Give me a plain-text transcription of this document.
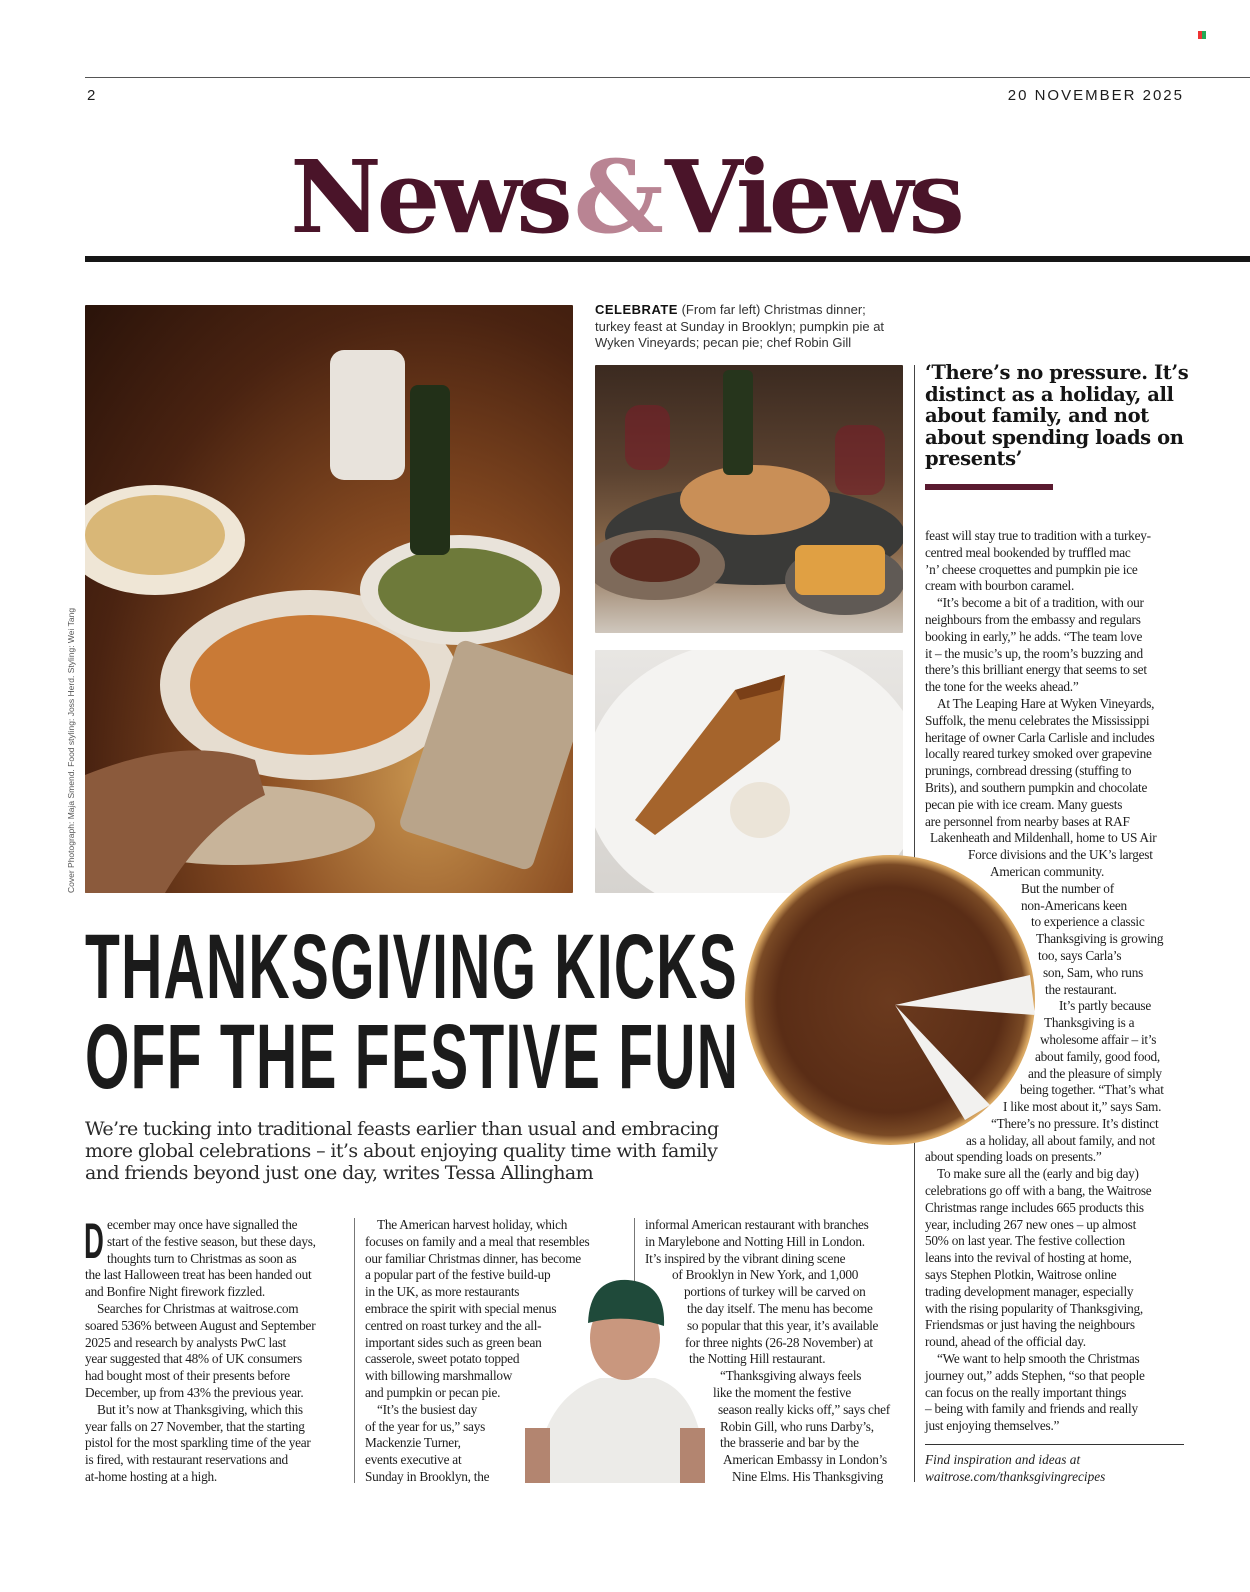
2	20 NOVEMBER 2025
News&Views
CELEBRATE (From far left) Christmas dinner; turkey feast at Sunday in Brooklyn; pumpkin pie at Wyken Vineyards; pecan pie; chef Robin Gill
Cover Photograph: Maja Smend. Food styling: Joss Herd. Styling: Wei Tang
‘There’s no pressure. It’s distinct as a holiday, all about family, and not about spending loads on presents’
THANKSGIVING KICKS
OFF THE FESTIVE FUN
We’re tucking into traditional feasts earlier than usual and embracing more global celebrations – it’s about enjoying quality time with family and friends beyond just one day, writes Tessa Allingham
D ecember may once have signalled the
start of the festive season, but these days,
thoughts turn to Christmas as soon as
the last Halloween treat has been handed out
and Bonfire Night firework fizzled.
Searches for Christmas at waitrose.com
soared 536% between August and September
2025 and research by analysts PwC last
year suggested that 48% of UK consumers
had bought most of their presents before
December, up from 43% the previous year.
But it’s now at Thanksgiving, which this
year falls on 27 November, that the starting
pistol for the most sparkling time of the year
is fired, with restaurant reservations and
at-home hosting at a high.
The American harvest holiday, which
focuses on family and a meal that resembles
our familiar Christmas dinner, has become
a popular part of the festive build-up
in the UK, as more restaurants
embrace the spirit with special menus
centred on roast turkey and the all-
important sides such as green bean
casserole, sweet potato topped
with billowing marshmallow
and pumpkin or pecan pie.
“It’s the busiest day
of the year for us,” says
Mackenzie Turner,
events executive at
Sunday in Brooklyn, the
informal American restaurant with branches
in Marylebone and Notting Hill in London.
It’s inspired by the vibrant dining scene
of Brooklyn in New York, and 1,000
portions of turkey will be carved on
the day itself. The menu has become
so popular that this year, it’s available
for three nights (26-28 November) at
the Notting Hill restaurant.
“Thanksgiving always feels
like the moment the festive
season really kicks off,” says chef
Robin Gill, who runs Darby’s,
the brasserie and bar by the
American Embassy in London’s
Nine Elms. His Thanksgiving
feast will stay true to tradition with a turkey-
centred meal bookended by truffled mac
’n’ cheese croquettes and pumpkin pie ice
cream with bourbon caramel.
“It’s become a bit of a tradition, with our
neighbours from the embassy and regulars
booking in early,” he adds. “The team love
it – the music’s up, the room’s buzzing and
there’s this brilliant energy that seems to set
the tone for the weeks ahead.”
At The Leaping Hare at Wyken Vineyards,
Suffolk, the menu celebrates the Mississippi
heritage of owner Carla Carlisle and includes
locally reared turkey smoked over grapevine
prunings, cornbread dressing (stuffing to
Brits), and southern pumpkin and chocolate
pecan pie with ice cream. Many guests
are personnel from nearby bases at RAF
Lakenheath and Mildenhall, home to US Air
Force divisions and the UK’s largest
American community.
But the number of
non-Americans keen
to experience a classic
Thanksgiving is growing
too, says Carla’s
son, Sam, who runs
the restaurant.
It’s partly because
Thanksgiving is a
wholesome affair – it’s
about family, good food,
and the pleasure of simply
being together. “That’s what
I like most about it,” says Sam.
“There’s no pressure. It’s distinct
as a holiday, all about family, and not
about spending loads on presents.”
To make sure all the (early and big day)
celebrations go off with a bang, the Waitrose
Christmas range includes 665 products this
year, including 267 new ones – up almost
50% on last year. The festive collection
leans into the revival of hosting at home,
says Stephen Plotkin, Waitrose online
trading development manager, especially
with the rising popularity of Thanksgiving,
Friendsmas or just having the neighbours
round, ahead of the official day.
“We want to help smooth the Christmas
journey out,” adds Stephen, “so that people
can focus on the really important things
– being with family and friends and really
just enjoying themselves.”
Find inspiration and ideas at
waitrose.com/thanksgivingrecipes
